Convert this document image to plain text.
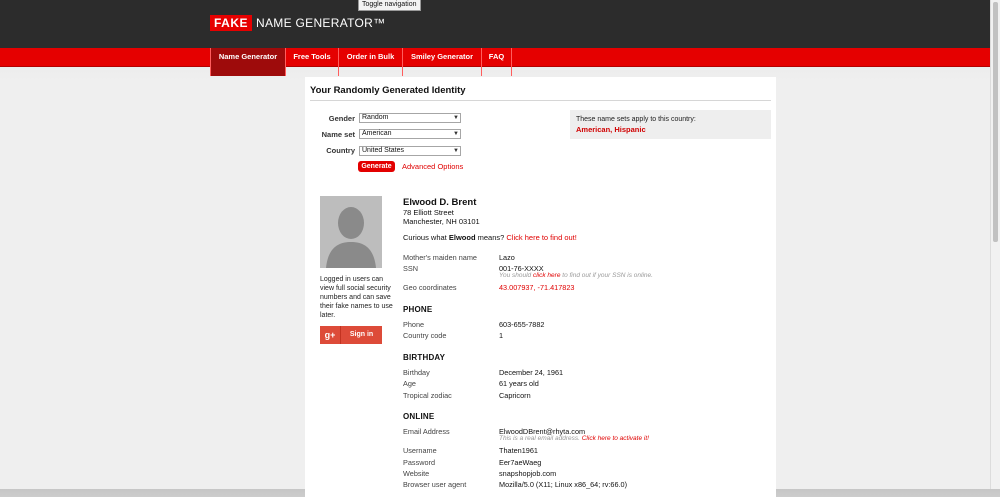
FAKE NAME GENERATOR™
Toggle navigation
Name Generator	Free Tools	Order in Bulk	Smiley Generator	FAQ
Your Randomly Generated Identity
Gender	Random	▼
Name set	American	▼
Country	United States	▼
Generate	Advanced Options
These name sets apply to this country:
American, Hispanic
Logged in users can view full social security numbers and can save their fake names to use later.
g+	Sign in
Elwood D. Brent
78 Elliott Street
Manchester, NH 03101
Curious what Elwood means? Click here to find out!
Mother's maiden name	Lazo
SSN	001-76-XXXX
You should click here to find out if your SSN is online.
Geo coordinates	43.007937, -71.417823
PHONE
Phone	603-655-7882
Country code	1
BIRTHDAY
Birthday	December 24, 1961
Age	61 years old
Tropical zodiac	Capricorn
ONLINE
Email Address	ElwoodDBrent@rhyta.com
This is a real email address. Click here to activate it!
Username	Thaten1961
Password	Eer7aeWaeg
Website	snapshopjob.com
Browser user agent	Mozilla/5.0 (X11; Linux x86_64; rv:66.0)
